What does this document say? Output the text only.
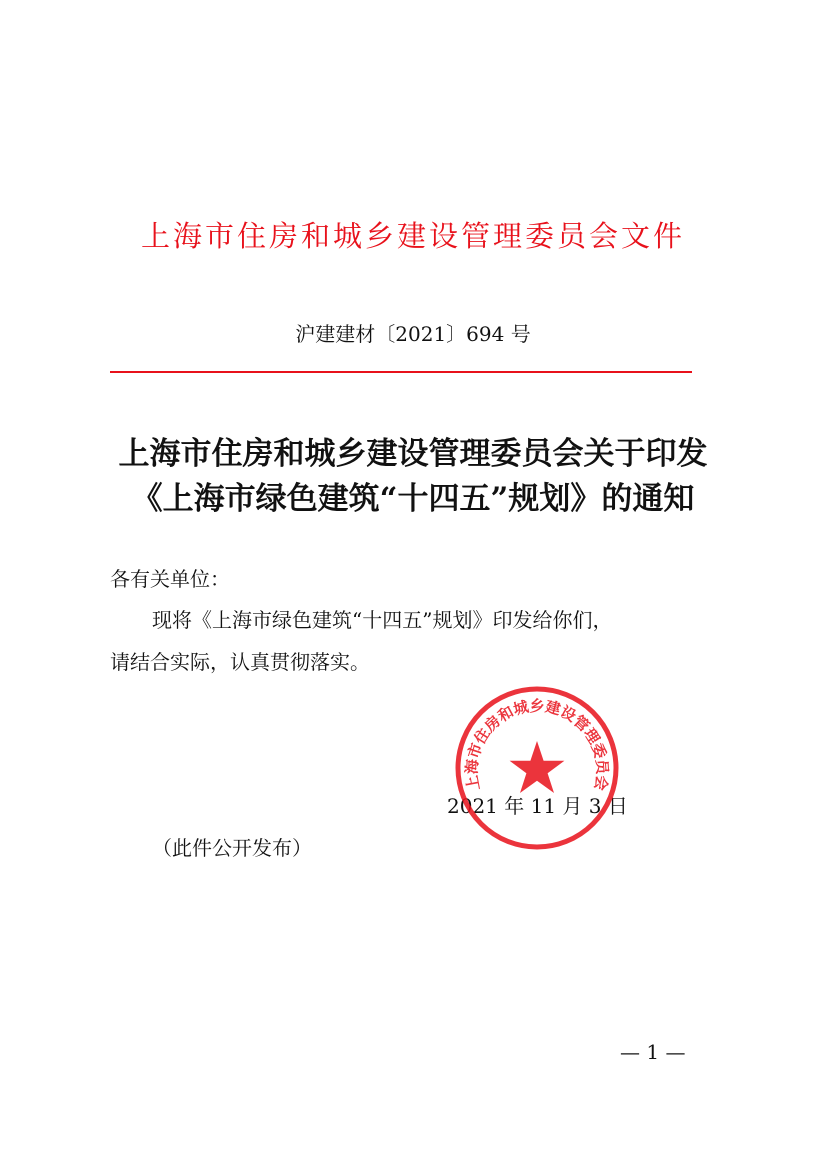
上海市住房和城乡建设管理委员会文件
沪建建材〔2021〕694 号
上海市住房和城乡建设管理委员会关于印发
《上海市绿色建筑“十四五”规划》的通知
各有关单位：
现将《上海市绿色建筑“十四五”规划》印发给你们，
请结合实际，认真贯彻落实。
2021 年 11 月 3 日
上海市住房和城乡建设管理委员会
（此件公开发布）
— 1 —
